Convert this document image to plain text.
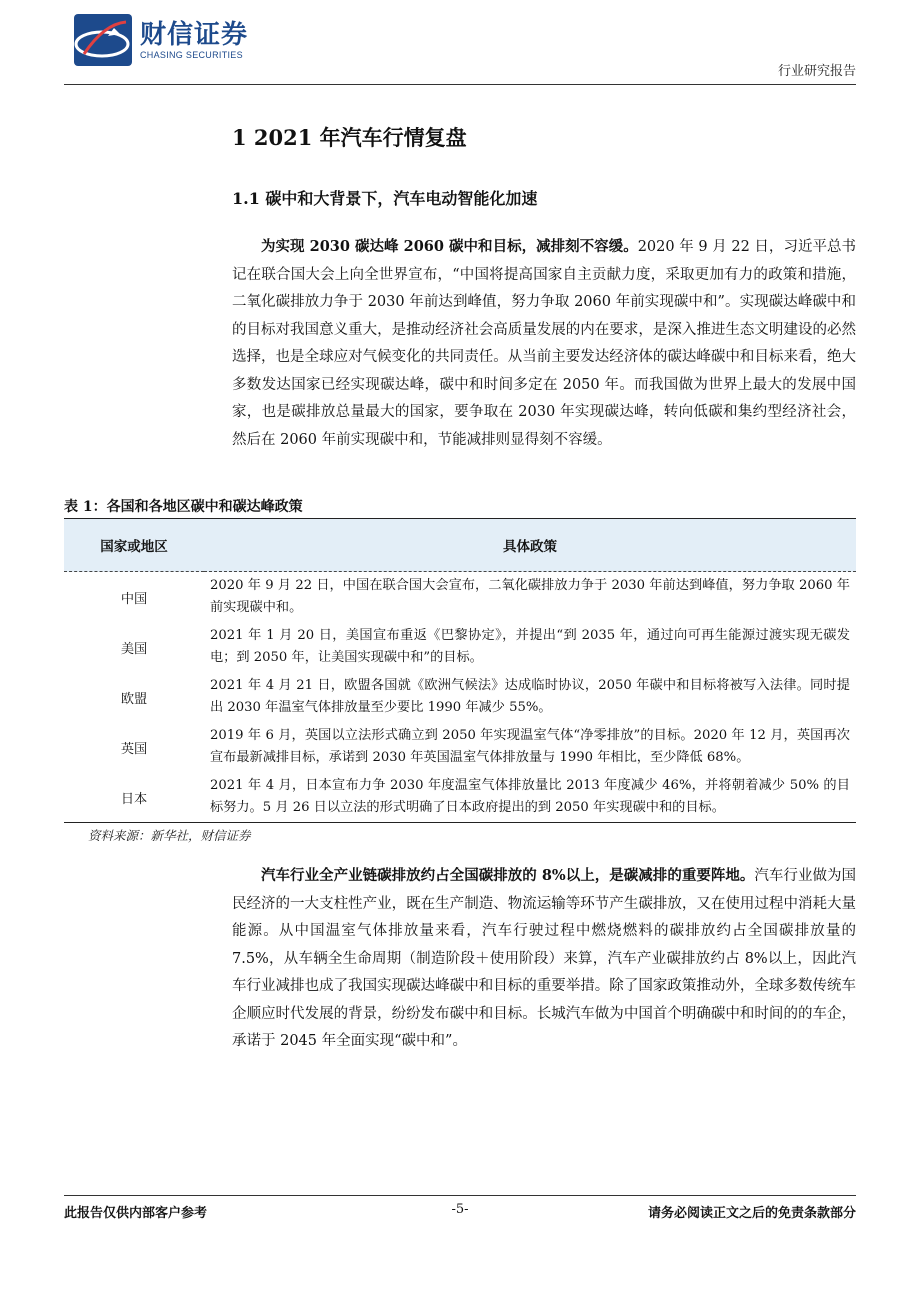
财信证券
CHASING SECURITIES
行业研究报告
1 2021 年汽车行情复盘
1.1 碳中和大背景下，汽车电动智能化加速
为实现 2030 碳达峰 2060 碳中和目标，减排刻不容缓。2020 年 9 月 22 日，习近平总书记在联合国大会上向全世界宣布，“中国将提高国家自主贡献力度，采取更加有力的政策和措施，二氧化碳排放力争于 2030 年前达到峰值，努力争取 2060 年前实现碳中和”。实现碳达峰碳中和的目标对我国意义重大，是推动经济社会高质量发展的内在要求，是深入推进生态文明建设的必然选择，也是全球应对气候变化的共同责任。从当前主要发达经济体的碳达峰碳中和目标来看，绝大多数发达国家已经实现碳达峰，碳中和时间多定在 2050 年。而我国做为世界上最大的发展中国家，也是碳排放总量最大的国家，要争取在 2030 年实现碳达峰，转向低碳和集约型经济社会，然后在 2060 年前实现碳中和，节能减排则显得刻不容缓。
表 1：各国和各地区碳中和碳达峰政策
国家或地区	具体政策
中国	2020 年 9 月 22 日，中国在联合国大会宣布，二氧化碳排放力争于 2030 年前达到峰值，努力争取 2060 年前实现碳中和。
美国	2021 年 1 月 20 日，美国宣布重返《巴黎协定》，并提出“到 2035 年，通过向可再生能源过渡实现无碳发电；到 2050 年，让美国实现碳中和”的目标。
欧盟	2021 年 4 月 21 日，欧盟各国就《欧洲气候法》达成临时协议，2050 年碳中和目标将被写入法律。同时提出 2030 年温室气体排放量至少要比 1990 年减少 55%。
英国	2019 年 6 月，英国以立法形式确立到 2050 年实现温室气体“净零排放”的目标。2020 年 12 月，英国再次宣布最新减排目标，承诺到 2030 年英国温室气体排放量与 1990 年相比，至少降低 68%。
日本	2021 年 4 月，日本宣布力争 2030 年度温室气体排放量比 2013 年度减少 46%，并将朝着减少 50% 的目标努力。5 月 26 日以立法的形式明确了日本政府提出的到 2050 年实现碳中和的目标。
资料来源：新华社，财信证券
汽车行业全产业链碳排放约占全国碳排放的 8%以上，是碳减排的重要阵地。汽车行业做为国民经济的一大支柱性产业，既在生产制造、物流运输等环节产生碳排放，又在使用过程中消耗大量能源。从中国温室气体排放量来看，汽车行驶过程中燃烧燃料的碳排放约占全国碳排放量的 7.5%，从车辆全生命周期（制造阶段＋使用阶段）来算，汽车产业碳排放约占 8%以上，因此汽车行业减排也成了我国实现碳达峰碳中和目标的重要举措。除了国家政策推动外，全球多数传统车企顺应时代发展的背景，纷纷发布碳中和目标。长城汽车做为中国首个明确碳中和时间的的车企，承诺于 2045 年全面实现“碳中和”。
此报告仅供内部客户参考	-5-	请务必阅读正文之后的免责条款部分
